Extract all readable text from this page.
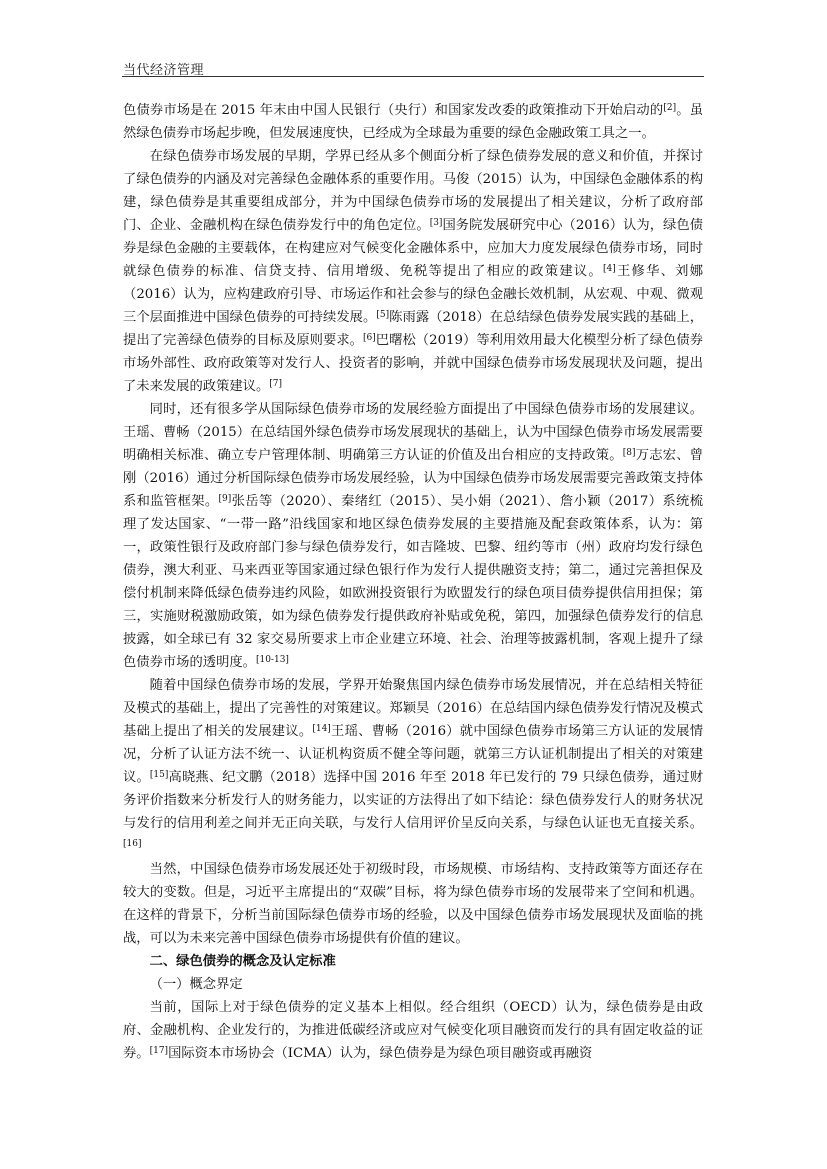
当代经济管理

色债券市场是在 2015 年末由中国人民银行（央行）和国家发改委的政策推动下开始启动的[2]。虽然绿色债券市场起步晚，但发展速度快，已经成为全球最为重要的绿色金融政策工具之一。

在绿色债券市场发展的早期，学界已经从多个侧面分析了绿色债券发展的意义和价值，并探讨了绿色债券的内涵及对完善绿色金融体系的重要作用。马俊（2015）认为，中国绿色金融体系的构建，绿色债券是其重要组成部分，并为中国绿色债券市场的发展提出了相关建议，分析了政府部门、企业、金融机构在绿色债券发行中的角色定位。[3]国务院发展研究中心（2016）认为，绿色债券是绿色金融的主要载体，在构建应对气候变化金融体系中，应加大力度发展绿色债券市场，同时就绿色债券的标准、信贷支持、信用增级、免税等提出了相应的政策建议。[4]王修华、刘娜（2016）认为，应构建政府引导、市场运作和社会参与的绿色金融长效机制，从宏观、中观、微观三个层面推进中国绿色债券的可持续发展。[5]陈雨露（2018）在总结绿色债券发展实践的基础上，提出了完善绿色债券的目标及原则要求。[6]巴曙松（2019）等利用效用最大化模型分析了绿色债券市场外部性、政府政策等对发行人、投资者的影响，并就中国绿色债券市场发展现状及问题，提出了未来发展的政策建议。[7]

同时，还有很多学从国际绿色债券市场的发展经验方面提出了中国绿色债券市场的发展建议。王瑶、曹畅（2015）在总结国外绿色债券市场发展现状的基础上，认为中国绿色债券市场发展需要明确相关标准、确立专户管理体制、明确第三方认证的价值及出台相应的支持政策。[8]万志宏、曾刚（2016）通过分析国际绿色债券市场发展经验，认为中国绿色债券市场发展需要完善政策支持体系和监管框架。[9]张岳等（2020）、秦绪红（2015）、吴小娟（2021）、詹小颖（2017）系统梳理了发达国家、“一带一路”沿线国家和地区绿色债券发展的主要措施及配套政策体系，认为：第一，政策性银行及政府部门参与绿色债券发行，如吉隆坡、巴黎、纽约等市（州）政府均发行绿色债券，澳大利亚、马来西亚等国家通过绿色银行作为发行人提供融资支持；第二，通过完善担保及偿付机制来降低绿色债券违约风险，如欧洲投资银行为欧盟发行的绿色项目债券提供信用担保；第三，实施财税激励政策，如为绿色债券发行提供政府补贴或免税，第四，加强绿色债券发行的信息披露，如全球已有 32 家交易所要求上市企业建立环境、社会、治理等披露机制，客观上提升了绿色债券市场的透明度。[10-13]

随着中国绿色债券市场的发展，学界开始聚焦国内绿色债券市场发展情况，并在总结相关特征及模式的基础上，提出了完善性的对策建议。郑颖昊（2016）在总结国内绿色债券发行情况及模式基础上提出了相关的发展建议。[14]王瑶、曹畅（2016）就中国绿色债券市场第三方认证的发展情况，分析了认证方法不统一、认证机构资质不健全等问题，就第三方认证机制提出了相关的对策建议。[15]高晓燕、纪文鹏（2018）选择中国 2016 年至 2018 年已发行的 79 只绿色债券，通过财务评价指数来分析发行人的财务能力，以实证的方法得出了如下结论：绿色债券发行人的财务状况与发行的信用利差之间并无正向关联，与发行人信用评价呈反向关系，与绿色认证也无直接关系。[16]

当然，中国绿色债券市场发展还处于初级时段，市场规模、市场结构、支持政策等方面还存在较大的变数。但是，习近平主席提出的“双碳”目标，将为绿色债券市场的发展带来了空间和机遇。在这样的背景下，分析当前国际绿色债券市场的经验，以及中国绿色债券市场发展现状及面临的挑战，可以为未来完善中国绿色债券市场提供有价值的建议。

二、绿色债券的概念及认定标准

（一）概念界定

当前，国际上对于绿色债券的定义基本上相似。经合组织（OECD）认为，绿色债券是由政府、金融机构、企业发行的，为推进低碳经济或应对气候变化项目融资而发行的具有固定收益的证券。[17]国际资本市场协会（ICMA）认为，绿色债券是为绿色项目融资或再融资
